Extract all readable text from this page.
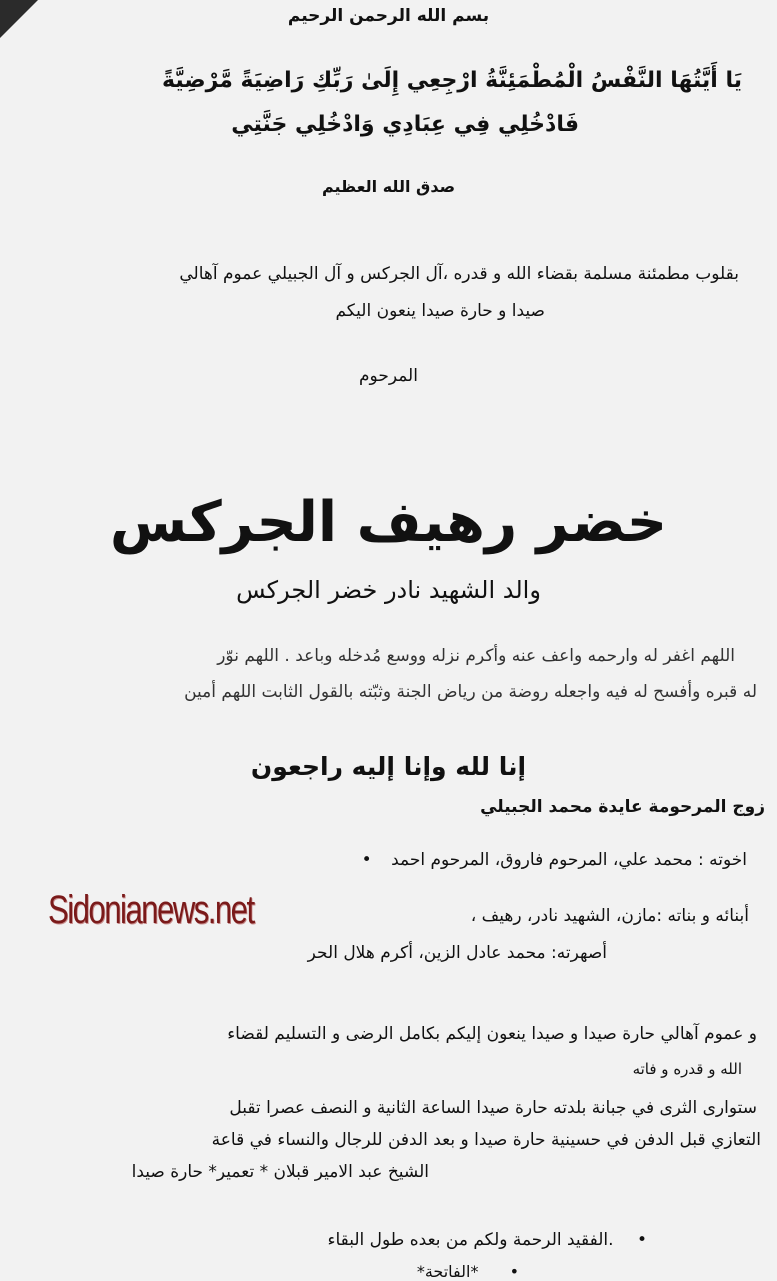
بسم الله الرحمن الرحيم
يَا أَيَّتُهَا النَّفْسُ الْمُطْمَئِنَّةُ ارْجِعِي إِلَىٰ رَبِّكِ رَاضِيَةً مَّرْضِيَّةً
فَادْخُلِي فِي عِبَادِي وَادْخُلِي جَنَّتِي
صدق الله العظيم
بقلوب مطمئنة مسلمة بقضاء الله و قدره ،آل الجركس و آل الجبيلي عموم آهالي
صيدا و حارة صيدا ينعون اليكم
المرحوم
خضر رهيف الجركس
والد الشهيد نادر خضر الجركس
اللهم اغفر له وارحمه واعف عنه وأكرم نزله ووسع مُدخله وباعد . اللهم نوّر
له قبره وأفسح له فيه واجعله روضة من رياض الجنة وثبّته بالقول الثابت اللهم أمين
إنا لله وإنا إليه راجعون
زوج المرحومة عايدة محمد الجبيلي
اخوته : محمد علي، المرحوم فاروق، المرحوم احمد •
Sidonianews.net	أبنائه و بناته :مازن، الشهيد نادر، رهيف ،
أصهرته: محمد عادل الزين، أكرم هلال الحر
و عموم آهالي حارة صيدا و صيدا ينعون إليكم بكامل الرضى و التسليم لقضاء
الله و قدره و فاته
ستوارى الثرى في جبانة بلدته حارة صيدا الساعة الثانية و النصف عصرا تقبل
التعازي قبل الدفن في حسينية حارة صيدا و بعد الدفن للرجال والنساء في قاعة
الشيخ عبد الامير قبلان * تعمير* حارة صيدا
• .الفقيد الرحمة ولكم من بعده طول البقاء
• *الفاتحة*
